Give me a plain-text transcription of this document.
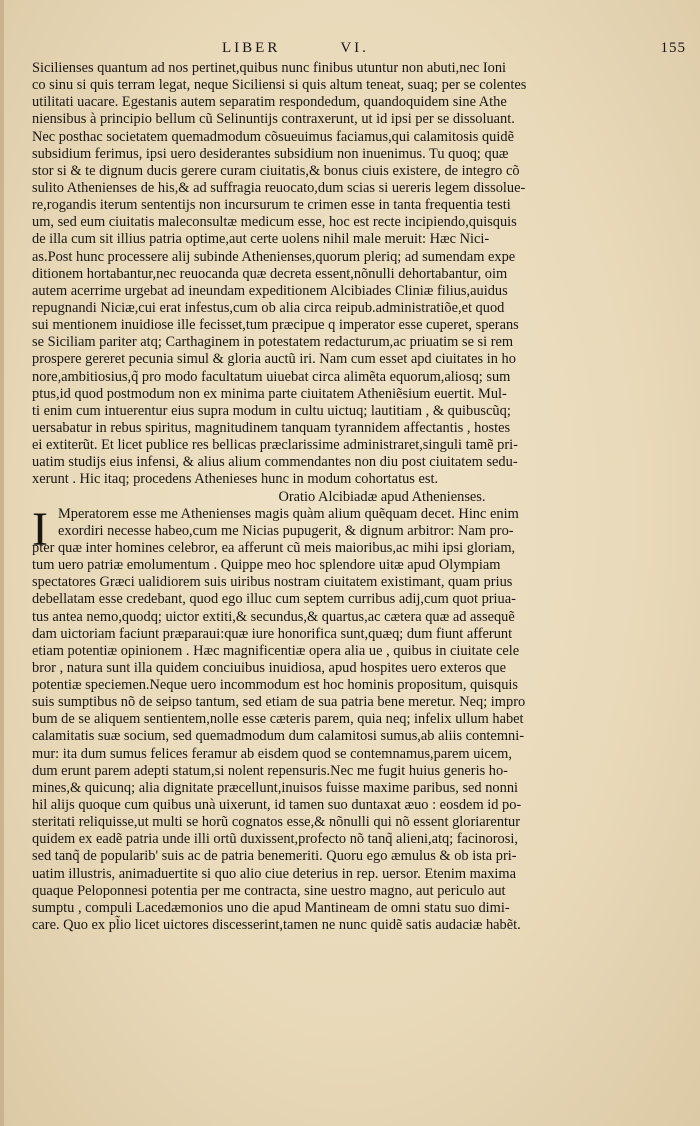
LIBER	VI.	155
Sicilienses quantum ad nos pertinet,quibus nunc finibus utuntur non abuti,nec Ioni
co sinu si quis terram legat, neque Siciliensi si quis altum teneat, suaq; per se colentes
utilitati uacare. Egestanis autem separatim respondedum, quandoquidem sine Athe
niensibus à principio bellum cũ Selinuntijs contraxerunt, ut id ipsi per se dissoluant.
Nec posthac societatem quemadmodum cõsueuimus faciamus,qui calamitosis quidẽ
subsidium ferimus, ipsi uero desiderantes subsidium non inuenimus. Tu quoq; quæ
stor si & te dignum ducis gerere curam ciuitatis,& bonus ciuis existere, de integro cõ
sulito Athenienses de his,& ad suffragia reuocato,dum scias si uereris legem dissolue-
re,rogandis iterum sententijs non incursurum te crimen esse in tanta frequentia testi
um, sed eum ciuitatis maleconsultæ medicum esse, hoc est recte incipiendo,quisquis
de illa cum sit illius patria optime,aut certe uolens nihil male meruit: Hæc Nici-
as.Post hunc processere alij subinde Athenienses,quorum pleriq; ad sumendam expe
ditionem hortabantur,nec reuocanda quæ decreta essent,nõnulli dehortabantur, oim
autem acerrime urgebat ad ineundam expeditionem Alcibiades Cliniæ filius,auidus
repugnandi Niciæ,cui erat infestus,cum ob alia circa reipub.administratiõe,et quod
sui mentionem inuidiose ille fecisset,tum præcipue q imperator esse cuperet, sperans
se Siciliam pariter atq; Carthaginem in potestatem redacturum,ac priuatim se si rem
prospere gereret pecunia simul & gloria auctũ iri. Nam cum esset apd ciuitates in ho
nore,ambitiosius,q̃ pro modo facultatum uiuebat circa alimẽta equorum,aliosq; sum
ptus,id quod postmodum non ex minima parte ciuitatem Atheniẽsium euertit. Mul-
ti enim cum intuerentur eius supra modum in cultu uictuq; lautitiam , & quibuscũq;
uersabatur in rebus spiritus, magnitudinem tanquam tyrannidem affectantis , hostes
ei extiterũt. Et licet publice res bellicas præclarissime administraret,singuli tamẽ pri-
uatim studijs eius infensi, & alius alium commendantes non diu post ciuitatem sedu-
xerunt . Hic itaq; procedens Athenieses hunc in modum cohortatus est.
Oratio Alcibiadæ apud Athenienses.
I Mperatorem esse me Athenienses magis quàm alium quẽquam decet. Hinc enim
exordiri necesse habeo,cum me Nicias pupugerit, & dignum arbitror: Nam pro-
pter quæ inter homines celebror, ea afferunt cũ meis maioribus,ac mihi ipsi gloriam,
tum uero patriæ emolumentum . Quippe meo hoc splendore uitæ apud Olympiam
spectatores Græci ualidiorem suis uiribus nostram ciuitatem existimant, quam prius
debellatam esse credebant, quod ego illuc cum septem curribus adij,cum quot priua-
tus antea nemo,quodq; uictor extiti,& secundus,& quartus,ac cætera quæ ad assequẽ
dam uictoriam faciunt præparaui:quæ iure honorifica sunt,quæq; dum fiunt afferunt
etiam potentiæ opinionem . Hæc magnificentiæ opera alia ue , quibus in ciuitate cele
bror , natura sunt illa quidem conciuibus inuidiosa, apud hospites uero exteros que
potentiæ speciemen.Neque uero incommodum est hoc hominis propositum, quisquis
suis sumptibus nõ de seipso tantum, sed etiam de sua patria bene meretur. Neq; impro
bum de se aliquem sentientem,nolle esse cæteris parem, quia neq; infelix ullum habet
calamitatis suæ socium, sed quemadmodum dum calamitosi sumus,ab aliis contemni-
mur: ita dum sumus felices feramur ab eisdem quod se contemnamus,parem uicem,
dum erunt parem adepti statum,si nolent repensuris.Nec me fugit huius generis ho-
mines,& quicunq; alia dignitate præcellunt,inuisos fuisse maxime paribus, sed nonni
hil alijs quoque cum quibus unà uixerunt, id tamen suo duntaxat æuo : eosdem id po-
steritati reliquisse,ut multi se horũ cognatos esse,& nõnulli qui nõ essent gloriarentur
quidem ex eadẽ patria unde illi ortũ duxissent,profecto nõ tanq̃ alieni,atq; facinorosi,
sed tanq̃ de popularib' suis ac de patria benemeriti. Quoru ego æmulus & ob ista pri-
uatim illustris, animaduertite si quo alio ciue deterius in rep. uersor. Etenim maxima
quaque Peloponnesi potentia per me contracta, sine uestro magno, aut periculo aut
sumptu , compuli Lacedæmonios uno die apud Mantineam de omni statu suo dimi-
care. Quo ex pl̃io licet uictores discesserint,tamen ne nunc quidẽ satis audaciæ habẽt.
